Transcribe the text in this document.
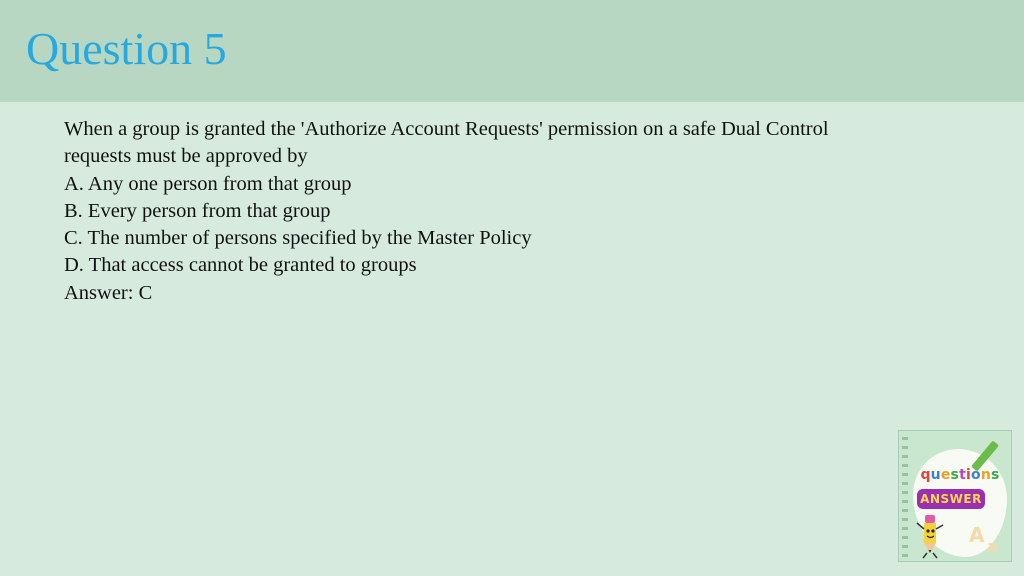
Question 5

When a group is granted the 'Authorize Account Requests' permission on a safe Dual Control

requests must be approved by

A. Any one person from that group

B. Every person from that group

C. The number of persons specified by the Master Policy

D. That access cannot be granted to groups

Answer: C

questions
ANSWER
A a
